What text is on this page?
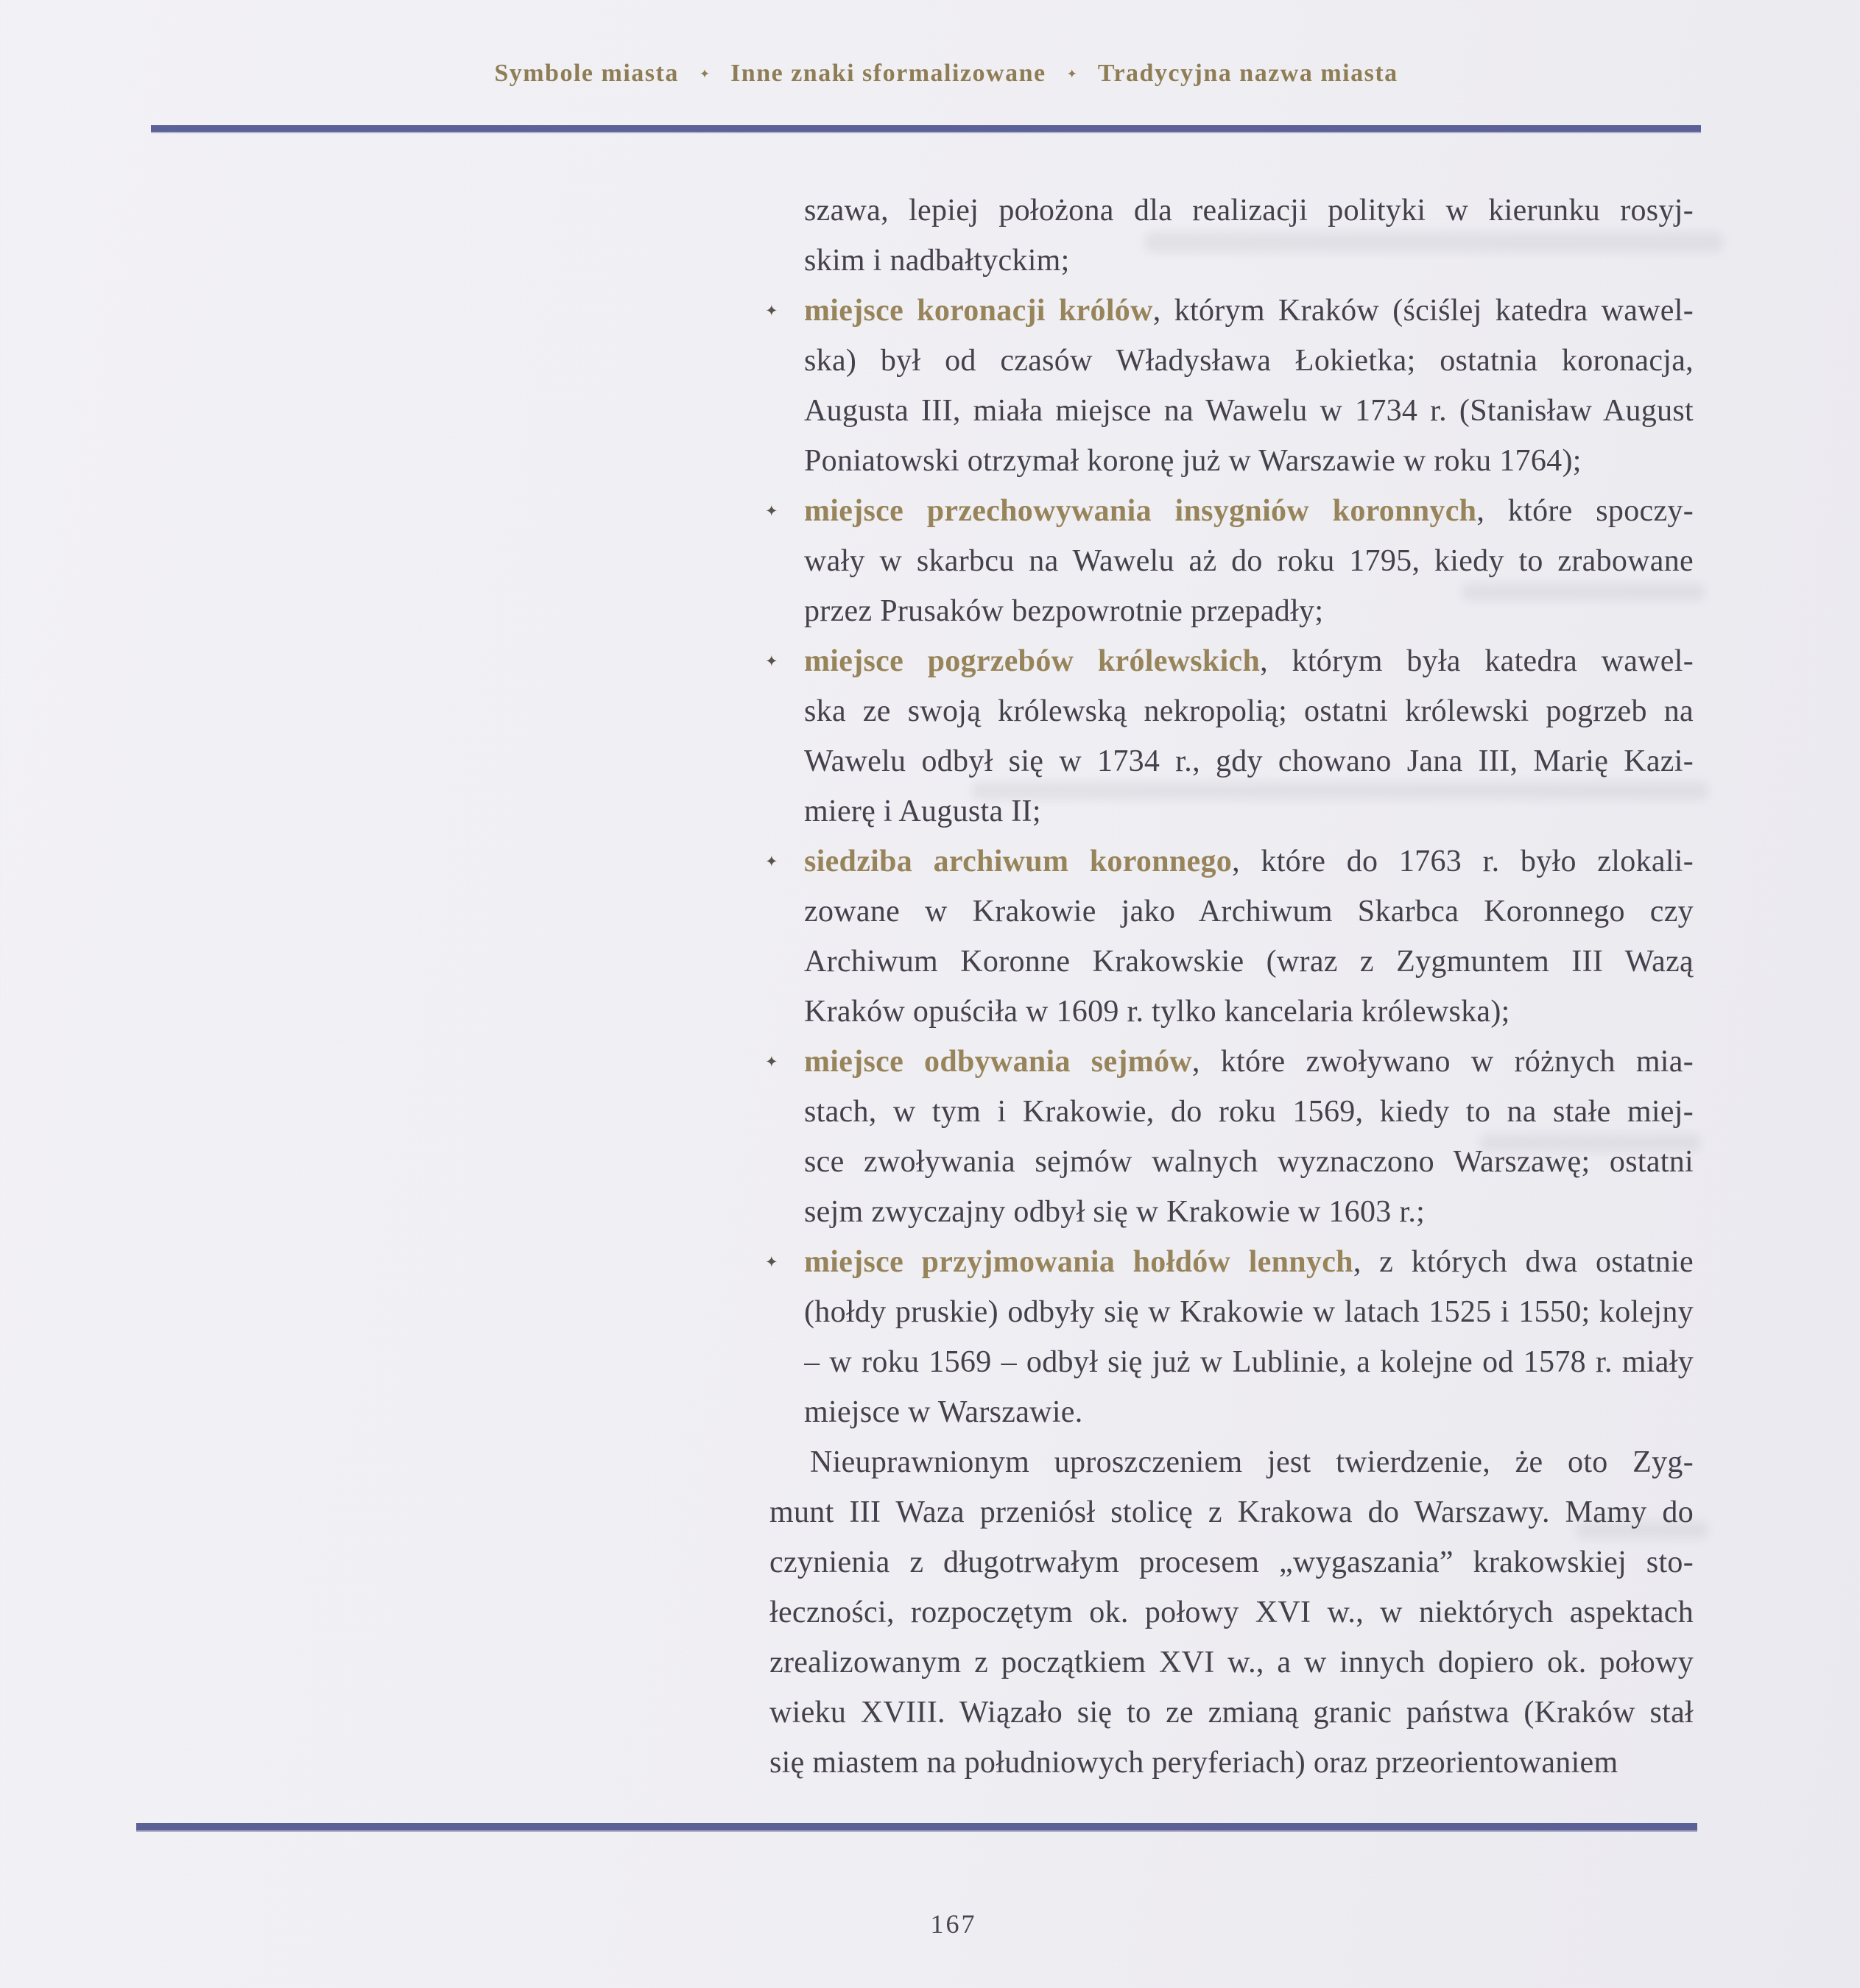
Symbole miasta ✦ Inne znaki sformalizowane ✦ Tradycyjna nazwa miasta
szawa, lepiej położona dla realizacji polityki w kierunku rosyj-
skim i nadbałtyckim;
✦ miejsce koronacji królów, którym Kraków (ściślej katedra wawel-
ska) był od czasów Władysława Łokietka; ostatnia koronacja,
Augusta III, miała miejsce na Wawelu w 1734 r. (Stanisław August
Poniatowski otrzymał koronę już w Warszawie w roku 1764);
✦ miejsce przechowywania insygniów koronnych, które spoczy-
wały w skarbcu na Wawelu aż do roku 1795, kiedy to zrabowane
przez Prusaków bezpowrotnie przepadły;
✦ miejsce pogrzebów królewskich, którym była katedra wawel-
ska ze swoją królewską nekropolią; ostatni królewski pogrzeb na
Wawelu odbył się w 1734 r., gdy chowano Jana III, Marię Kazi-
mierę i Augusta II;
✦ siedziba archiwum koronnego, które do 1763 r. było zlokali-
zowane w Krakowie jako Archiwum Skarbca Koronnego czy
Archiwum Koronne Krakowskie (wraz z Zygmuntem III Wazą
Kraków opuściła w 1609 r. tylko kancelaria królewska);
✦ miejsce odbywania sejmów, które zwoływano w różnych mia-
stach, w tym i Krakowie, do roku 1569, kiedy to na stałe miej-
sce zwoływania sejmów walnych wyznaczono Warszawę; ostatni
sejm zwyczajny odbył się w Krakowie w 1603 r.;
✦ miejsce przyjmowania hołdów lennych, z których dwa ostatnie
(hołdy pruskie) odbyły się w Krakowie w latach 1525 i 1550; kolejny
– w roku 1569 – odbył się już w Lublinie, a kolejne od 1578 r. miały
miejsce w Warszawie.
Nieuprawnionym uproszczeniem jest twierdzenie, że oto Zyg-
munt III Waza przeniósł stolicę z Krakowa do Warszawy. Mamy do
czynienia z długotrwałym procesem „wygaszania” krakowskiej sto-
łeczności, rozpoczętym ok. połowy XVI w., w niektórych aspektach
zrealizowanym z początkiem XVI w., a w innych dopiero ok. połowy
wieku XVIII. Wiązało się to ze zmianą granic państwa (Kraków stał
się miastem na południowych peryferiach) oraz przeorientowaniem
167
